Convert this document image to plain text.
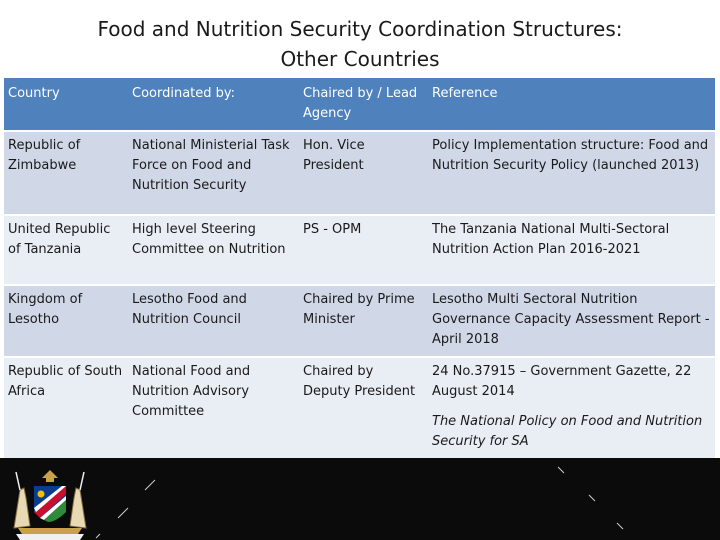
Food and Nutrition Security Coordination Structures:
Other Countries
Country	Coordinated by:	Chaired by / Lead Agency	Reference
Republic of Zimbabwe	National Ministerial Task Force on Food and Nutrition Security	Hon. Vice President	Policy Implementation structure: Food and Nutrition Security Policy (launched 2013)
United Republic of Tanzania	High level Steering Committee on Nutrition	PS - OPM	The Tanzania National Multi-Sectoral Nutrition Action Plan 2016-2021
Kingdom of Lesotho	Lesotho Food and Nutrition Council	Chaired by Prime Minister	Lesotho Multi Sectoral Nutrition Governance Capacity Assessment Report - April 2018
Republic of South Africa	National Food and Nutrition Advisory Committee	Chaired by Deputy President	24 No.37915 – Government Gazette, 22 August 2014
The National Policy on Food and Nutrition Security for SA
